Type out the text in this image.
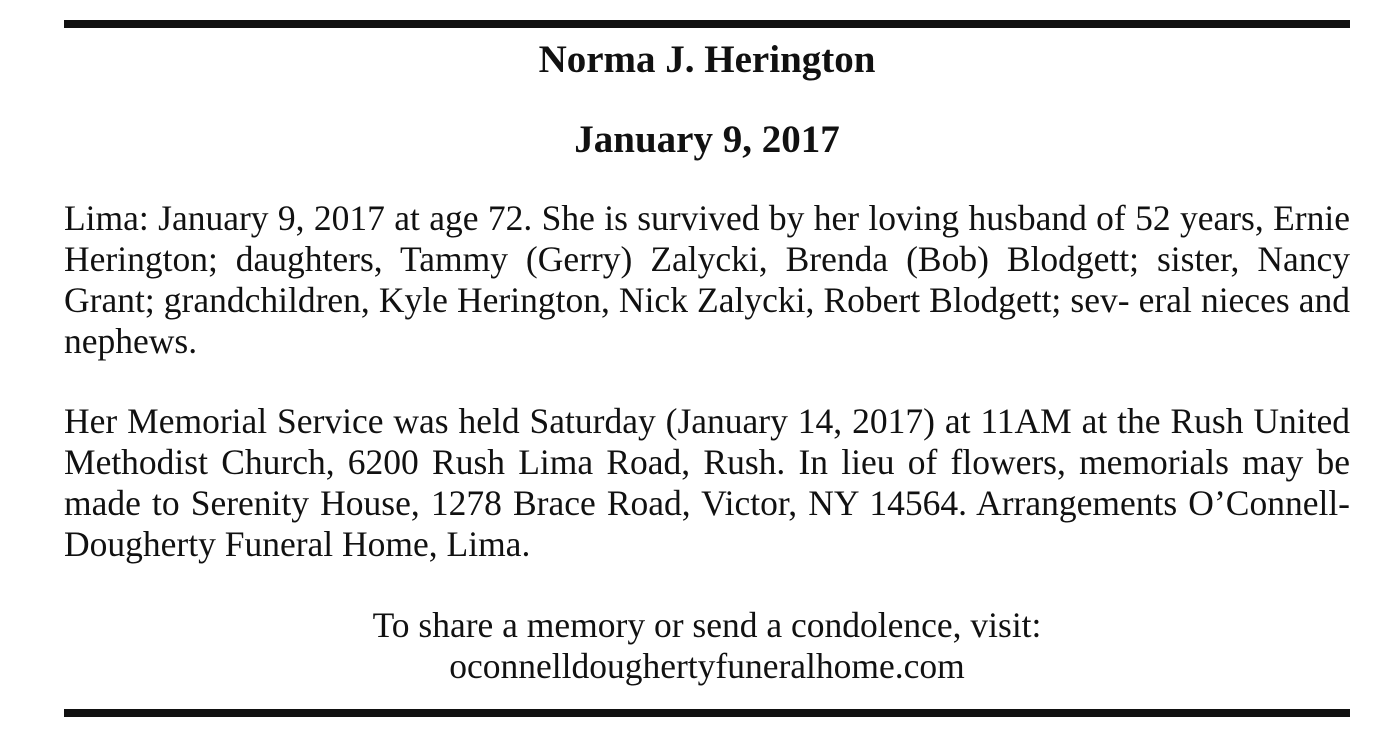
Norma J. Herington
January 9, 2017

Lima: January 9, 2017 at age 72. She is survived by her loving husband of 52 years, Ernie Herington; daughters, Tammy (Gerry) Zalycki, Brenda (Bob) Blodgett; sister, Nancy Grant; grandchildren, Kyle Herington, Nick Zalycki, Robert Blodgett; sev- eral nieces and nephews.

Her Memorial Service was held Saturday (January 14, 2017) at 11AM at the Rush United Methodist Church, 6200 Rush Lima Road, Rush. In lieu of flowers, memorials may be made to Serenity House, 1278 Brace Road, Victor, NY 14564. Arrangements O’Connell-Dougherty Funeral Home, Lima.

To share a memory or send a condolence, visit:
oconnelldoughertyfuneralhome.com
